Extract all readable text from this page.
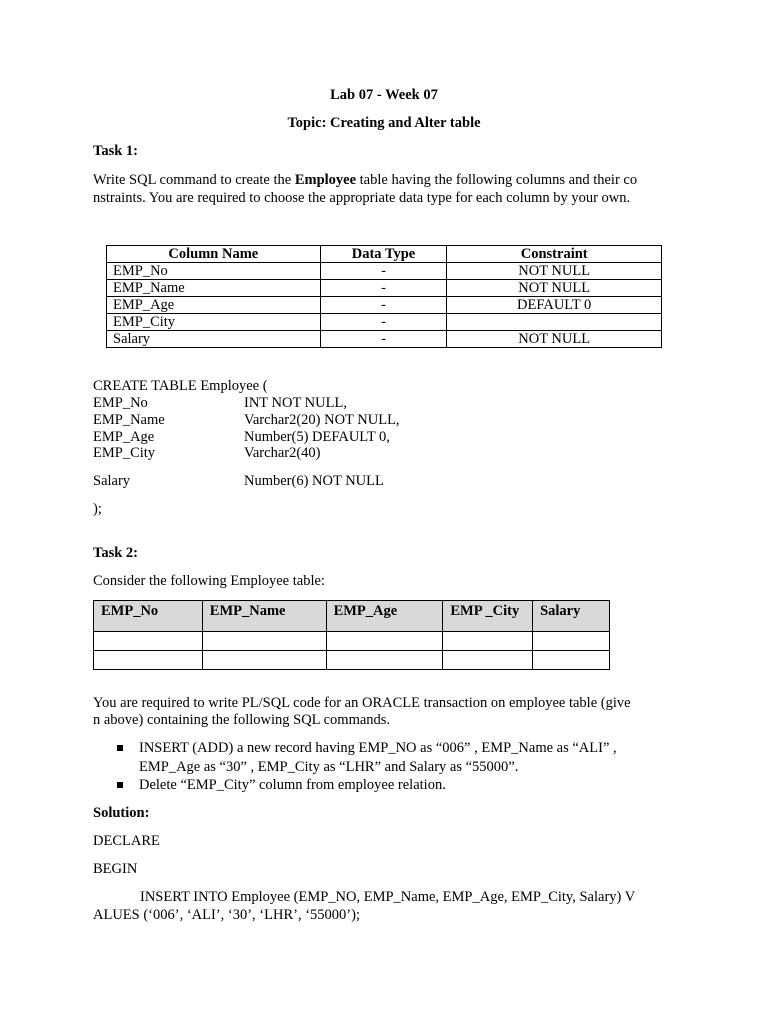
Lab 07 - Week 07
Topic: Creating and Alter table
Task 1:
Write SQL command to create the Employee table having the following columns and their co
nstraints. You are required to choose the appropriate data type for each column by your own.
Column Name	Data Type	Constraint
EMP_No	-	NOT NULL
EMP_Name	-	NOT NULL
EMP_Age	-	DEFAULT 0
EMP_City	-	
Salary	-	NOT NULL
CREATE TABLE Employee (
EMP_No	INT NOT NULL,
EMP_Name	Varchar2(20) NOT NULL,
EMP_Age	Number(5) DEFAULT 0,
EMP_City	Varchar2(40)
Salary	Number(6) NOT NULL
);
Task 2:
Consider the following Employee table:
EMP_No	EMP_Name	EMP_Age	EMP _City	Salary

You are required to write PL/SQL code for an ORACLE transaction on employee table (give
n above) containing the following SQL commands.
INSERT (ADD) a new record having EMP_NO as “006” , EMP_Name as “ALI” ,
EMP_Age as “30” , EMP_City as “LHR” and Salary as “55000”.
Delete “EMP_City” column from employee relation.
Solution:
DECLARE
BEGIN
INSERT INTO Employee (EMP_NO, EMP_Name, EMP_Age, EMP_City, Salary) V
ALUES (‘006’, ‘ALI’, ‘30’, ‘LHR’, ‘55000’);
